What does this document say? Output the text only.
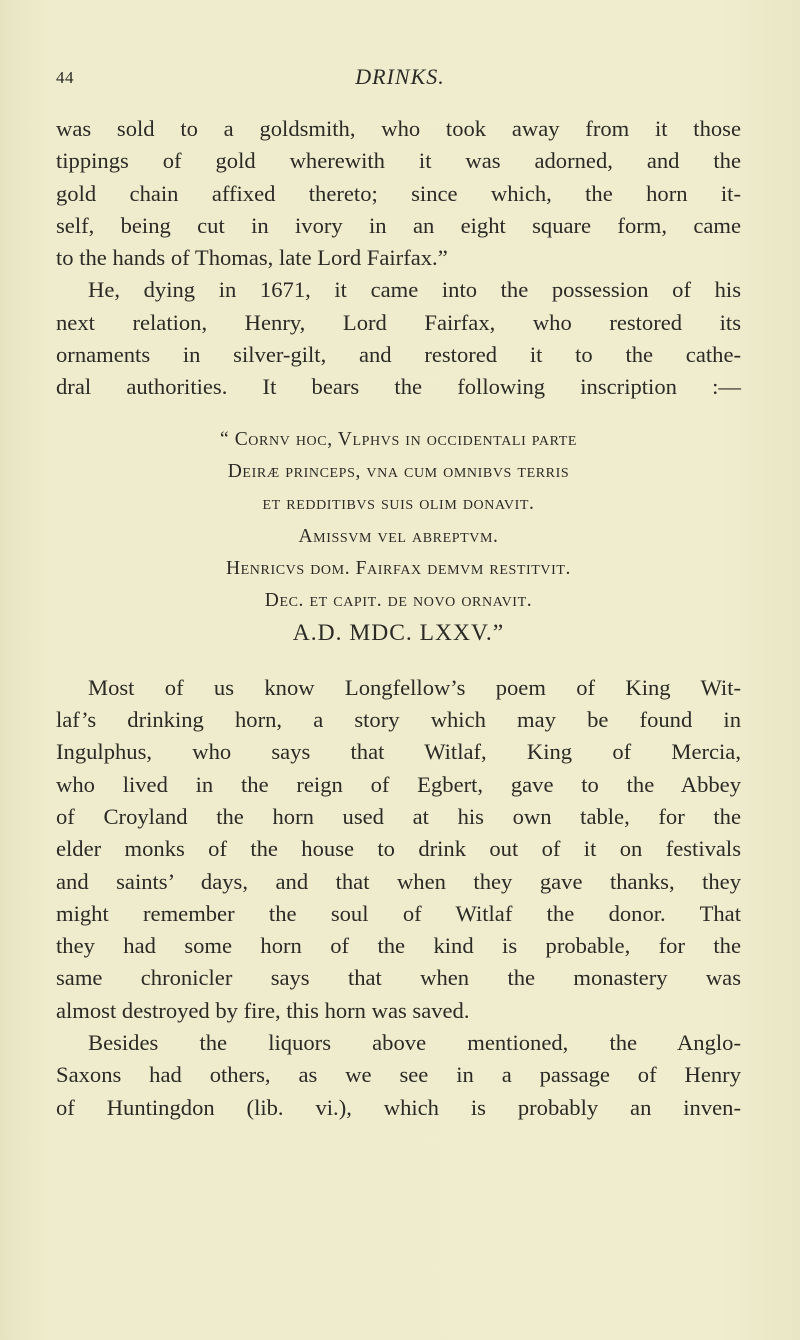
44	DRINKS.

was sold to a goldsmith, who took away from it those
tippings of gold wherewith it was adorned, and the
gold chain affixed thereto; since which, the horn it-
self, being cut in ivory in an eight square form, came
to the hands of Thomas, late Lord Fairfax.”

He, dying in 1671, it came into the possession of his
next relation, Henry, Lord Fairfax, who restored its
ornaments in silver-gilt, and restored it to the cathe-
dral authorities. It bears the following inscription :—

“ Cornv hoc, Vlphvs in occidentali parte
Deiræ princeps, vna cum omnibvs terris
et redditibvs suis olim donavit.
Amissvm vel abreptvm.
Henricvs dom. Fairfax demvm restitvit.
Dec. et capit. de novo ornavit.
A.D. MDC. LXXV.”

Most of us know Longfellow’s poem of King Wit-
laf’s drinking horn, a story which may be found in
Ingulphus, who says that Witlaf, King of Mercia,
who lived in the reign of Egbert, gave to the Abbey
of Croyland the horn used at his own table, for the
elder monks of the house to drink out of it on festivals
and saints’ days, and that when they gave thanks, they
might remember the soul of Witlaf the donor. That
they had some horn of the kind is probable, for the
same chronicler says that when the monastery was
almost destroyed by fire, this horn was saved.

Besides the liquors above mentioned, the Anglo-
Saxons had others, as we see in a passage of Henry
of Huntingdon (lib. vi.), which is probably an inven-
